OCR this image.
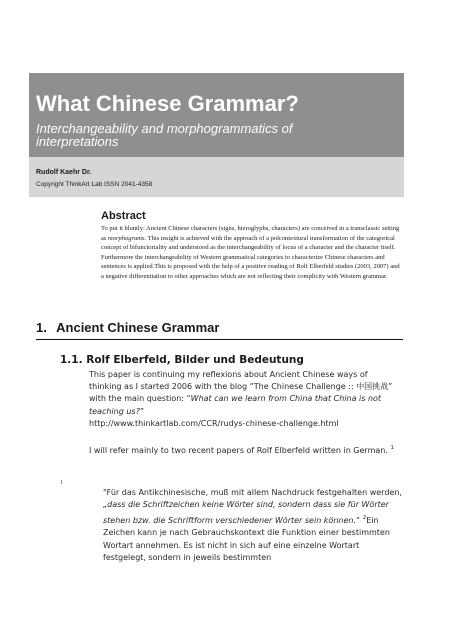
What Chinese Grammar?
Interchangeability and morphogrammatics of interpretations
Rudolf Kaehr Dr.
Copyright ThinkArt Lab ISSN 2041-4358
Abstract
To put it bluntly: Ancient Chinese characters (signs, hieroglyphs, characters) are conceived in a transclassic setting as morphograms. This insight is achieved with the approach of a polcontextural transformation of the categorical concept of bifunctoriality and understood as the interchangeability of locus of a character and the character itself. Furthermore the interchangeability of Western grammatical categories to characterize Chinese characters and sentences is applied.This is proposed with the help of a positive reading of Rolf Elberfeld studies (2003, 2007) and a negative differentiation to other approaches which are not reflecting their complicity with Western grammar.
1. Ancient Chinese Grammar
1.1. Rolf Elberfeld, Bilder und Bedeutung
This paper is continuing my reflexions about Ancient Chinese ways of thinking as I started 2006 with the blog “The Chinese Challenge :: 中国挑战” with the main question: “What can we learn from China that China is not teaching us?”
http://www.thinkartlab.com/CCR/rudys-chinese-challenge.html
I will refer mainly to two recent papers of Rolf Elberfeld written in German. $^1$
1
"Für das Antikchinesische, muß mit allem Nachdruck festgehalten werden, „dass die Schriftzeichen keine Wörter sind, sondern dass sie für Wörter stehen bzw. die Schriftform verschiedener Wörter sein können.“ $^2$Ein Zeichen kann je nach Gebrauchskontext die Funktion einer bestimmten Wortart annehmen. Es ist nicht in sich auf eine einzelne Wortart festgelegt, sondern in jeweils bestimmten
